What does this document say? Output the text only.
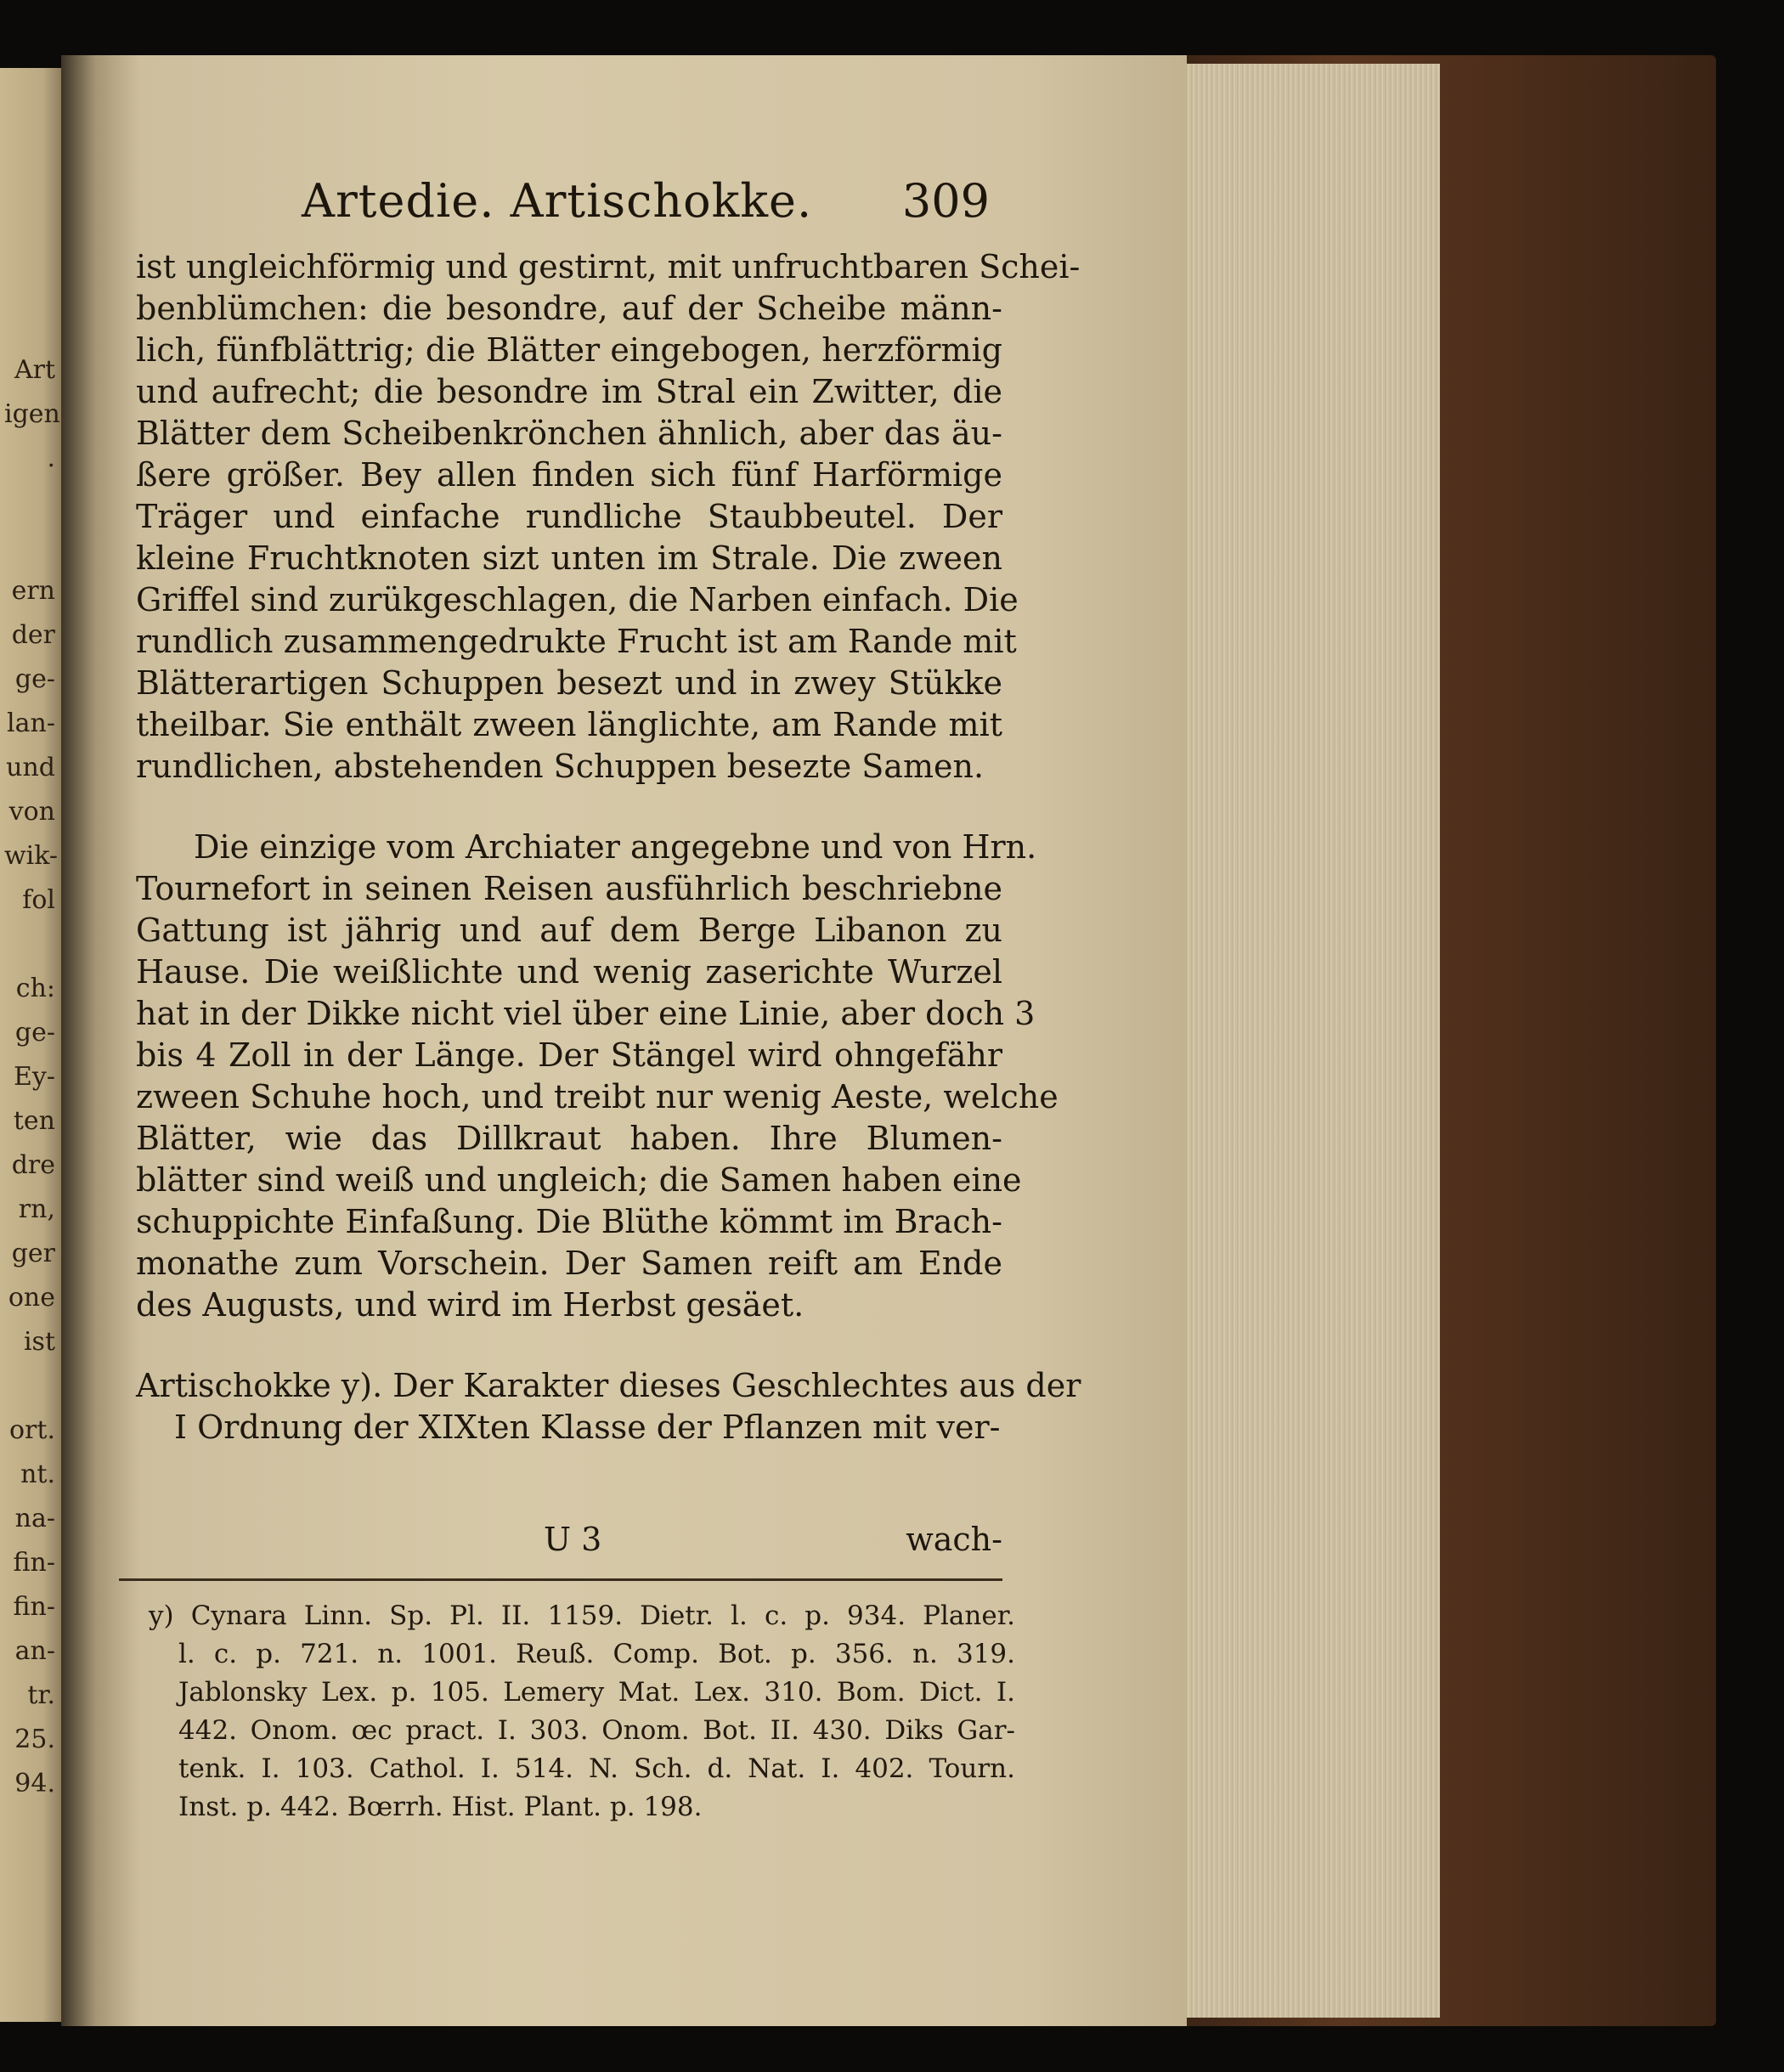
Art
igen
.

ern
der
ge-
lan-
und
von
wik-
fol

ch:
ge-
Ey-
ten
dre
rn,
ger
one
ist

ort.
nt.
na-
fin-
fin-
an-
tr.
25.
94.
Artedie. Artischokke. 309
ist ungleichförmig und gestirnt, mit unfruchtbaren Schei-
benblümchen: die besondre, auf der Scheibe männ-
lich, fünfblättrig; die Blätter eingebogen, herzförmig
und aufrecht; die besondre im Stral ein Zwitter, die
Blätter dem Scheibenkrönchen ähnlich, aber das äu-
ßere größer. Bey allen finden sich fünf Harförmige
Träger und einfache rundliche Staubbeutel. Der
kleine Fruchtknoten sizt unten im Strale. Die zween
Griffel sind zurükgeschlagen, die Narben einfach. Die
rundlich zusammengedrukte Frucht ist am Rande mit
Blätterartigen Schuppen besezt und in zwey Stükke
theilbar. Sie enthält zween länglichte, am Rande mit
rundlichen, abstehenden Schuppen besezte Samen.
Die einzige vom Archiater angegebne und von Hrn.
Tournefort in seinen Reisen ausführlich beschriebne
Gattung ist jährig und auf dem Berge Libanon zu
Hause. Die weißlichte und wenig zaserichte Wurzel
hat in der Dikke nicht viel über eine Linie, aber doch 3
bis 4 Zoll in der Länge. Der Stängel wird ohngefähr
zween Schuhe hoch, und treibt nur wenig Aeste, welche
Blätter, wie das Dillkraut haben. Ihre Blumen-
blätter sind weiß und ungleich; die Samen haben eine
schuppichte Einfaßung. Die Blüthe kömmt im Brach-
monathe zum Vorschein. Der Samen reift am Ende
des Augusts, und wird im Herbst gesäet.
Artischokke y). Der Karakter dieses Geschlechtes aus der
I Ordnung der XIXten Klasse der Pflanzen mit ver-
U 3	wach-
y) Cynara Linn. Sp. Pl. II. 1159. Dietr. l. c. p. 934. Planer.
l. c. p. 721. n. 1001. Reuß. Comp. Bot. p. 356. n. 319.
Jablonsky Lex. p. 105. Lemery Mat. Lex. 310. Bom. Dict. I.
442. Onom. œc pract. I. 303. Onom. Bot. II. 430. Diks Gar-
tenk. I. 103. Cathol. I. 514. N. Sch. d. Nat. I. 402. Tourn.
Inst. p. 442. Bœrrh. Hist. Plant. p. 198.
